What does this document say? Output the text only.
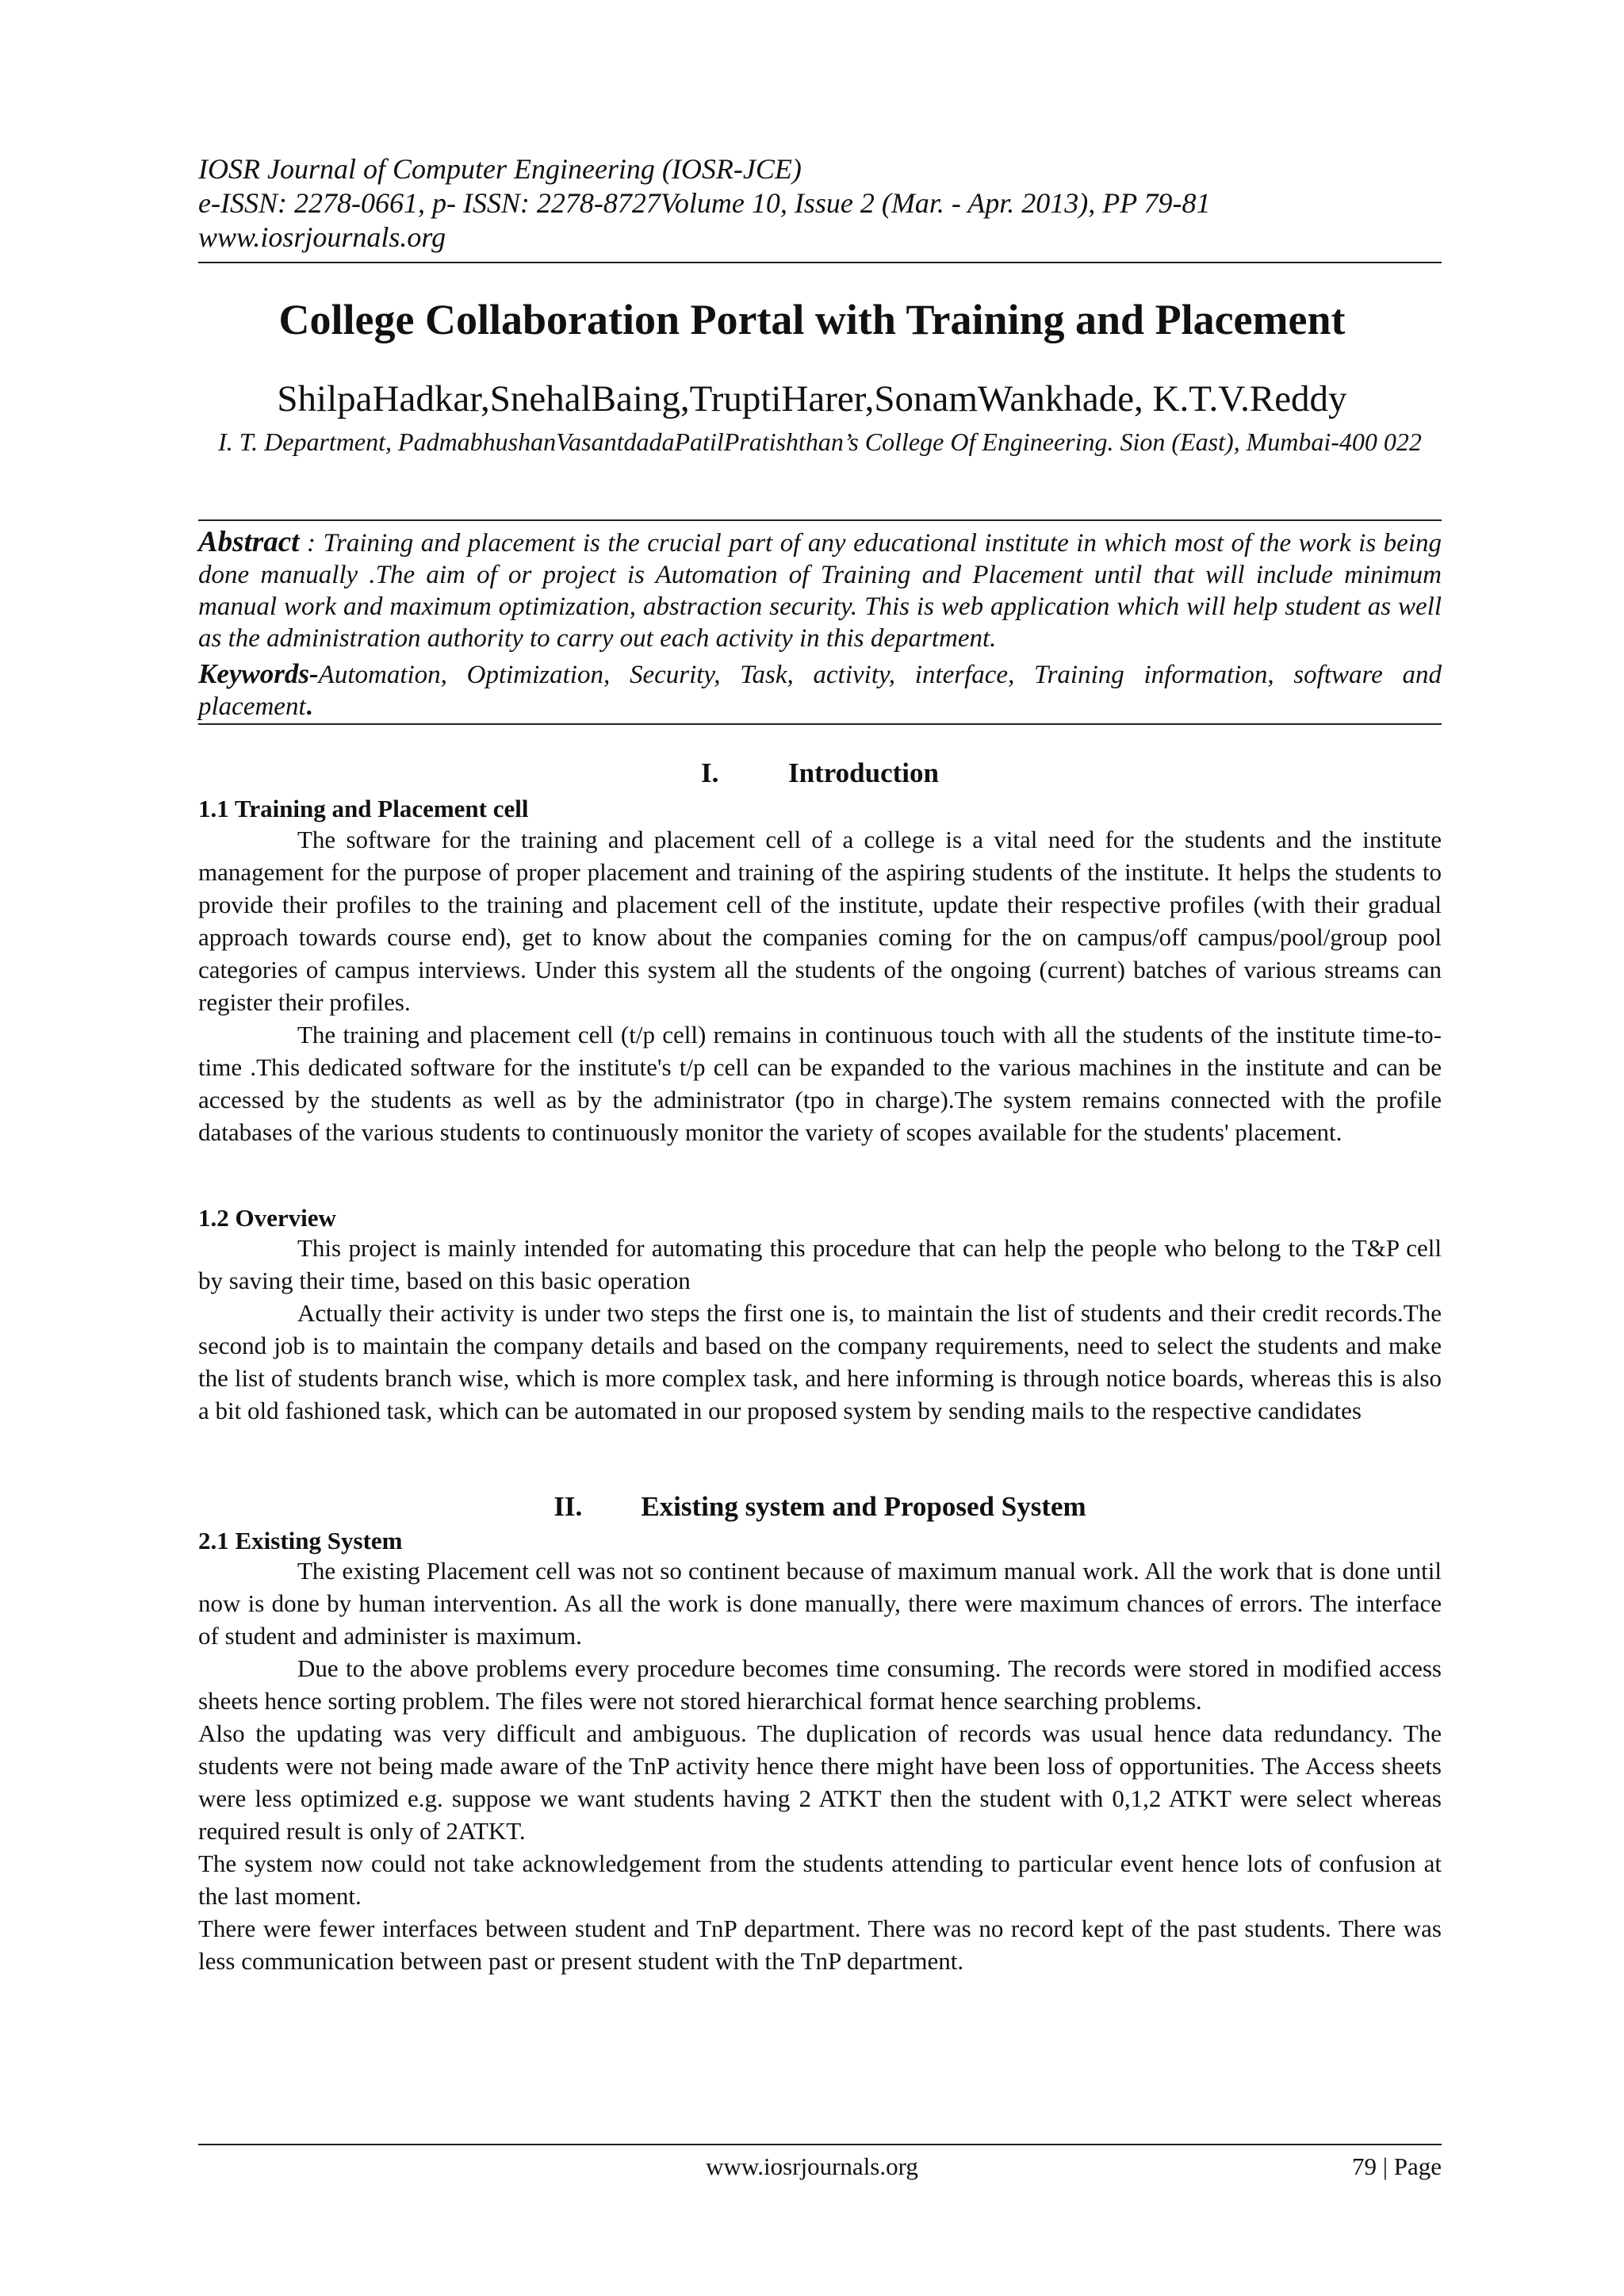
IOSR Journal of Computer Engineering (IOSR-JCE)
e-ISSN: 2278-0661, p- ISSN: 2278-8727Volume 10, Issue 2 (Mar. - Apr. 2013), PP 79-81
www.iosrjournals.org
College Collaboration Portal with Training and Placement
ShilpaHadkar,SnehalBaing,TruptiHarer,SonamWankhade, K.T.V.Reddy
I. T. Department, PadmabhushanVasantdadaPatilPratishthan’s College Of Engineering. Sion (East), Mumbai-400 022
Abstract : Training and placement is the crucial part of any educational institute in which most of the work is being done manually .The aim of or project is Automation of Training and Placement until that will include minimum manual work and maximum optimization, abstraction security. This is web application which will help student as well as the administration authority to carry out each activity in this department.
Keywords-Automation, Optimization, Security, Task, activity, interface, Training information, software and placement.
I.	Introduction
1.1 Training and Placement cell

The software for the training and placement cell of a college is a vital need for the students and the institute management for the purpose of proper placement and training of the aspiring students of the institute. It helps the students to provide their profiles to the training and placement cell of the institute, update their respective profiles (with their gradual approach towards course end), get to know about the companies coming for the on campus/off campus/pool/group pool categories of campus interviews. Under this system all the students of the ongoing (current) batches of various streams can register their profiles.

The training and placement cell (t/p cell) remains in continuous touch with all the students of the institute time-to-time .This dedicated software for the institute's t/p cell can be expanded to the various machines in the institute and can be accessed by the students as well as by the administrator (tpo in charge).The system remains connected with the profile databases of the various students to continuously monitor the variety of scopes available for the students' placement.

1.2 Overview

This project is mainly intended for automating this procedure that can help the people who belong to the T&P cell by saving their time, based on this basic operation

Actually their activity is under two steps the first one is, to maintain the list of students and their credit records.The second job is to maintain the company details and based on the company requirements, need to select the students and make the list of students branch wise, which is more complex task, and here informing is through notice boards, whereas this is also a bit old fashioned task, which can be automated in our proposed system by sending mails to the respective candidates

II. Existing system and Proposed System
2.1 Existing System

The existing Placement cell was not so continent because of maximum manual work. All the work that is done until now is done by human intervention. As all the work is done manually, there were maximum chances of errors. The interface of student and administer is maximum.

Due to the above problems every procedure becomes time consuming. The records were stored in modified access sheets hence sorting problem. The files were not stored hierarchical format hence searching problems.

Also the updating was very difficult and ambiguous. The duplication of records was usual hence data redundancy. The students were not being made aware of the TnP activity hence there might have been loss of opportunities. The Access sheets were less optimized e.g. suppose we want students having 2 ATKT then the student with 0,1,2 ATKT were select whereas required result is only of 2ATKT.

The system now could not take acknowledgement from the students attending to particular event hence lots of confusion at the last moment.

There were fewer interfaces between student and TnP department. There was no record kept of the past students. There was less communication between past or present student with the TnP department.

www.iosrjournals.org	79 | Page
